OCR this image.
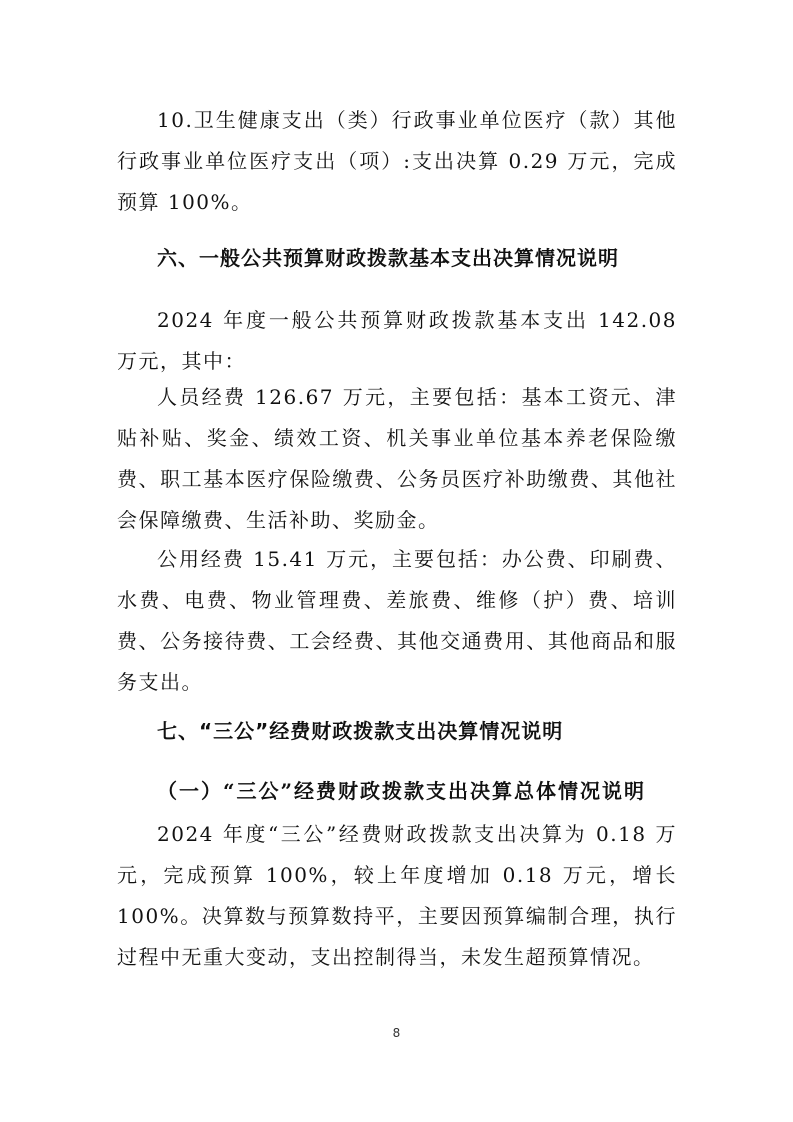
10.卫生健康支出（类）行政事业单位医疗（款）其他行政事业单位医疗支出（项）:支出决算 0.29 万元，完成预算 100%。

六、一般公共预算财政拨款基本支出决算情况说明

2024 年度一般公共预算财政拨款基本支出 142.08 万元，其中：

人员经费 126.67 万元，主要包括：基本工资元、津贴补贴、奖金、绩效工资、机关事业单位基本养老保险缴费、职工基本医疗保险缴费、公务员医疗补助缴费、其他社会保障缴费、生活补助、奖励金。

公用经费 15.41 万元，主要包括：办公费、印刷费、水费、电费、物业管理费、差旅费、维修（护）费、培训费、公务接待费、工会经费、其他交通费用、其他商品和服务支出。

七、“三公”经费财政拨款支出决算情况说明
（一）“三公”经费财政拨款支出决算总体情况说明

2024 年度“三公”经费财政拨款支出决算为 0.18 万元，完成预算 100%，较上年度增加 0.18 万元，增长 100%。决算数与预算数持平，主要因预算编制合理，执行过程中无重大变动，支出控制得当，未发生超预算情况。

8
